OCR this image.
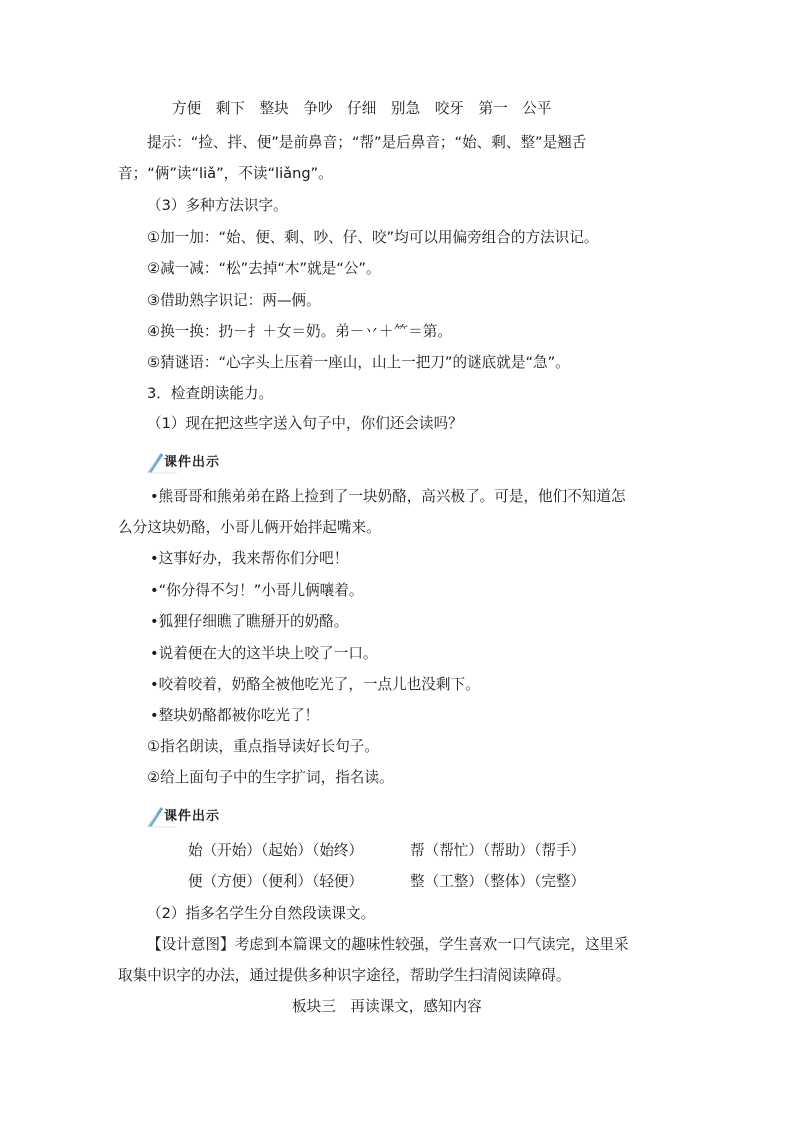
方便　剩下　整块　争吵　仔细　别急　咬牙　第一　公平
提示：“捡、拌、便”是前鼻音；“帮”是后鼻音；“始、剩、整”是翘舌
音；“俩”读“liǎ”，不读“liǎng”。
（3）多种方法识字。
①加一加：“始、便、剩、吵、仔、咬”均可以用偏旁组合的方法识记。
②减一减：“松”去掉“木”就是“公”。
③借助熟字识记：两—俩。
④换一换：扔－扌＋女＝奶。弟－丷＋⺮＝第。
⑤猜谜语：“心字头上压着一座山，山上一把刀”的谜底就是“急”。
3．检查朗读能力。
（1）现在把这些字送入句子中，你们还会读吗？
课件出示
•熊哥哥和熊弟弟在路上捡到了一块奶酪，高兴极了。可是，他们不知道怎
么分这块奶酪，小哥儿俩开始拌起嘴来。
•这事好办，我来帮你们分吧！
•“你分得不匀！”小哥儿俩嚷着。
•狐狸仔细瞧了瞧掰开的奶酪。
•说着便在大的这半块上咬了一口。
•咬着咬着，奶酪全被他吃光了，一点儿也没剩下。
•整块奶酪都被你吃光了！
①指名朗读，重点指导读好长句子。
②给上面句子中的生字扩词，指名读。
课件出示
始（开始）（起始）（始终）	帮（帮忙）（帮助）（帮手）
便（方便）（便利）（轻便）	整（工整）（整体）（完整）
（2）指多名学生分自然段读课文。
【设计意图】考虑到本篇课文的趣味性较强，学生喜欢一口气读完，这里采
取集中识字的办法，通过提供多种识字途径，帮助学生扫清阅读障碍。
板块三　再读课文，感知内容
